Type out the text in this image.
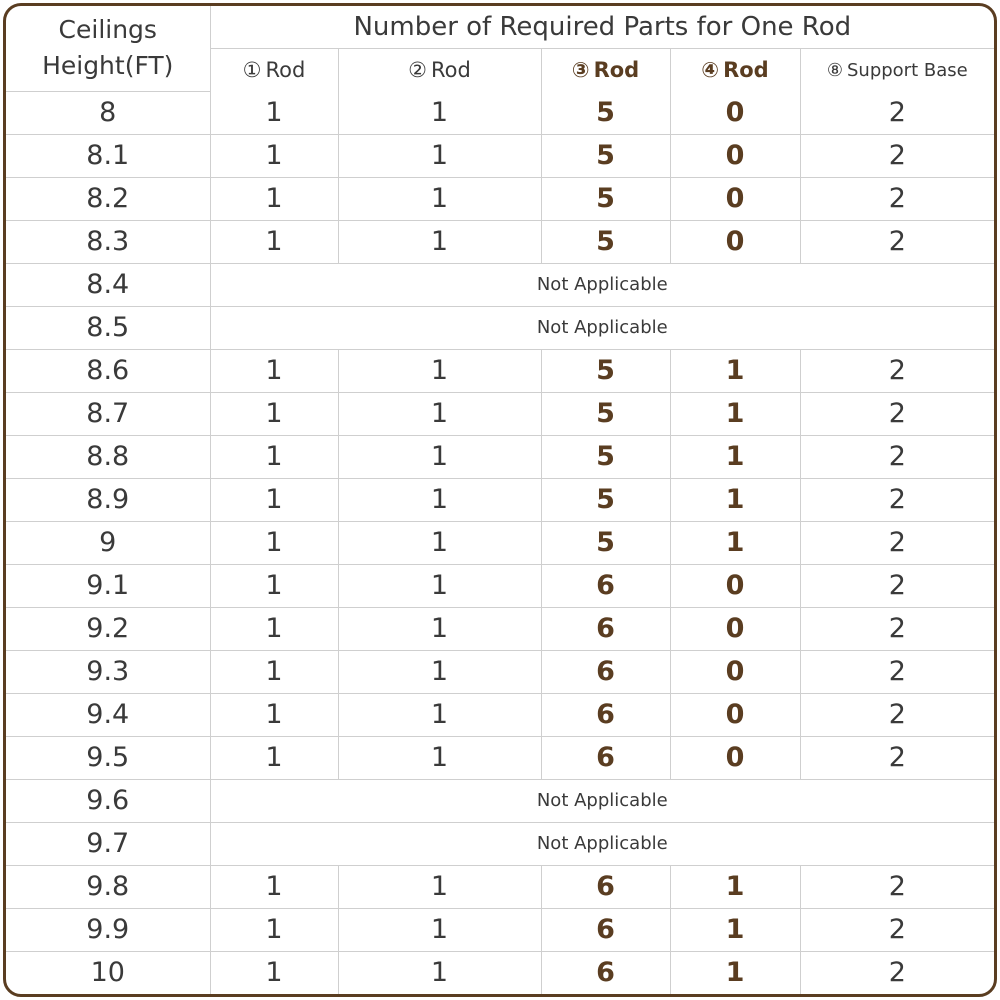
Ceilings
Height(FT)	Number of Required Parts for One Rod				
	① Rod	② Rod	③ Rod	④ Rod	⑧ Support Base
8	1	1	5	0	2
8.1	1	1	5	0	2
8.2	1	1	5	0	2
8.3	1	1	5	0	2
8.4	Not Applicable				
8.5	Not Applicable				
8.6	1	1	5	1	2
8.7	1	1	5	1	2
8.8	1	1	5	1	2
8.9	1	1	5	1	2
9	1	1	5	1	2
9.1	1	1	6	0	2
9.2	1	1	6	0	2
9.3	1	1	6	0	2
9.4	1	1	6	0	2
9.5	1	1	6	0	2
9.6	Not Applicable				
9.7	Not Applicable				
9.8	1	1	6	1	2
9.9	1	1	6	1	2
10	1	1	6	1	2
